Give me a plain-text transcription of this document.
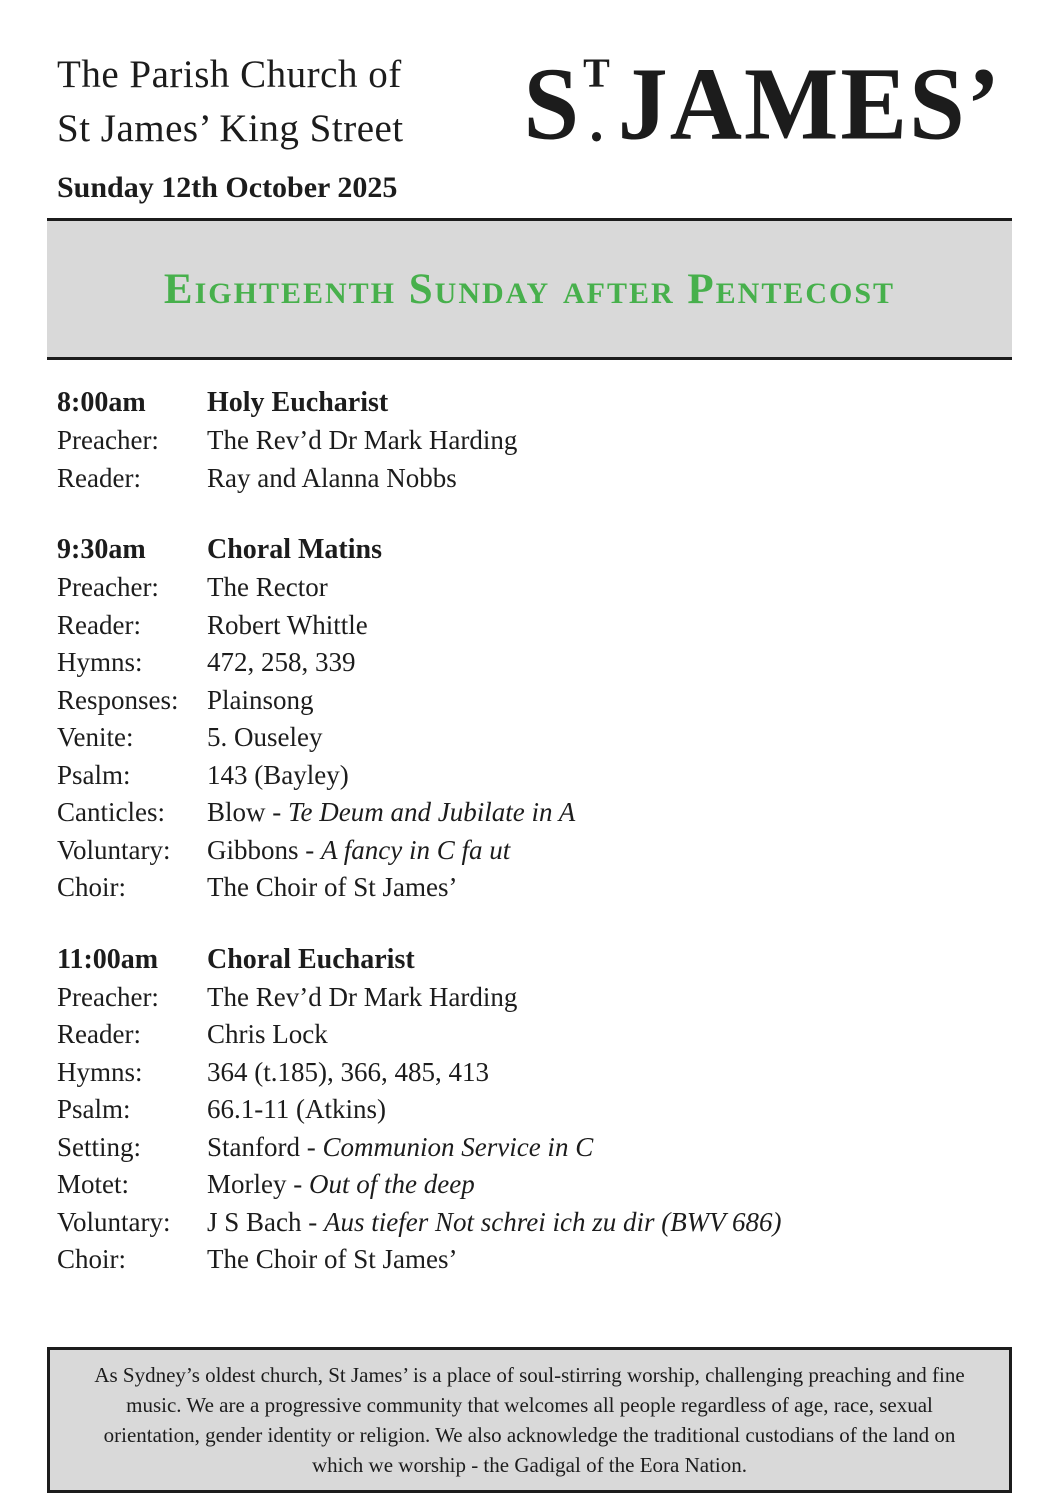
The Parish Church of
St James’ King Street
Sunday 12th October 2025
S T
. JAMES’
Eighteenth Sunday after Pentecost
8:00am	Holy Eucharist
Preacher:	The Rev’d Dr Mark Harding
Reader:	Ray and Alanna Nobbs
9:30am	Choral Matins
Preacher:	The Rector
Reader:	Robert Whittle
Hymns:	472, 258, 339
Responses:	Plainsong
Venite:	5. Ouseley
Psalm:	143 (Bayley)
Canticles:	Blow - Te Deum and Jubilate in A
Voluntary:	Gibbons - A fancy in C fa ut
Choir:	The Choir of St James’
11:00am	Choral Eucharist
Preacher:	The Rev’d Dr Mark Harding
Reader:	Chris Lock
Hymns:	364 (t.185), 366, 485, 413
Psalm:	66.1-11 (Atkins)
Setting:	Stanford - Communion Service in C
Motet:	Morley - Out of the deep
Voluntary:	J S Bach - Aus tiefer Not schrei ich zu dir (BWV 686)
Choir:	The Choir of St James’
As Sydney’s oldest church, St James’ is a place of soul-stirring worship, challenging preaching and fine music. We are a progressive community that welcomes all people regardless of age, race, sexual orientation, gender identity or religion. We also acknowledge the traditional custodians of the land on which we worship - the Gadigal of the Eora Nation.
